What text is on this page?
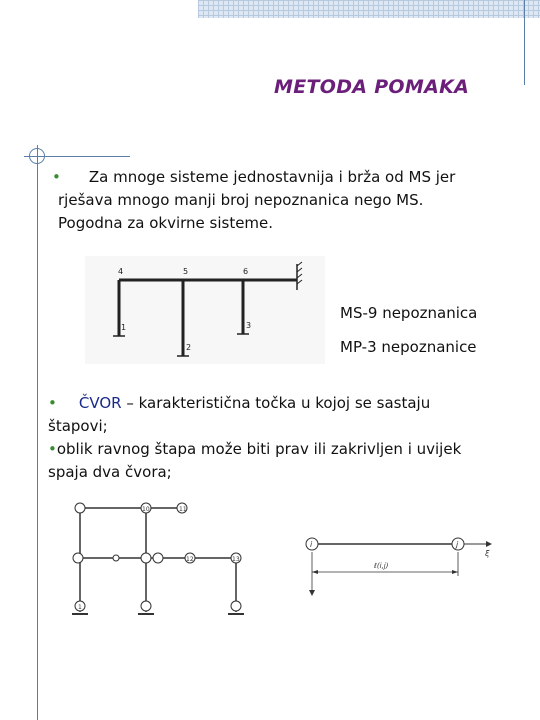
METODA POMAKA

• Za mnoge sisteme jednostavnija i brža od MS jer
rješava mnogo manji broj nepoznanica nego MS.
Pogodna za okvirne sisteme.

1
2
3
4	5	6

MS-9 nepoznanica

MP-3 nepoznanice

• ČVOR – karakteristična točka u kojoj se sastaju
štapovi;
•oblik ravnog štapa može biti prav ili zakrivljen i uvijek
spaja dva čvora;

10	11
12	13
1
i	j
ξ
ℓ(i,j)
